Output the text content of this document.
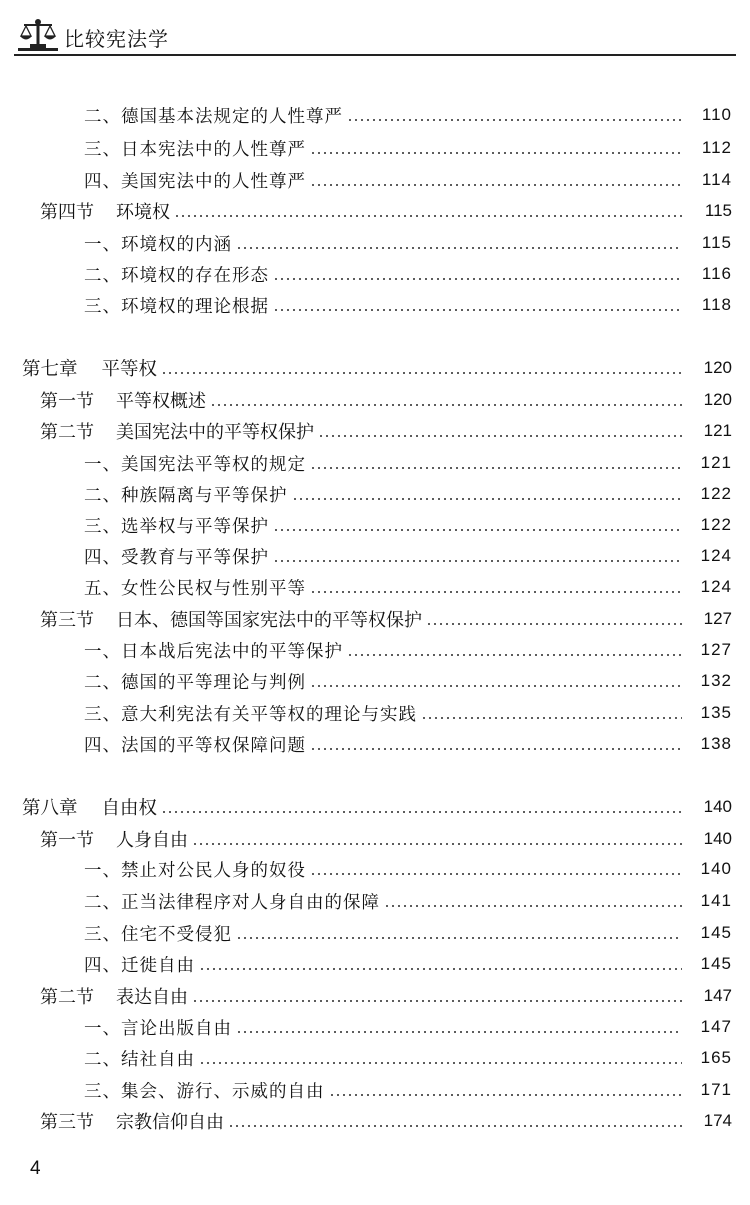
比较宪法学
二、德国基本法规定的人性尊严	110
三、日本宪法中的人性尊严	112
四、美国宪法中的人性尊严	114
第四节 环境权	115
一、环境权的内涵	115
二、环境权的存在形态	116
三、环境权的理论根据	118
第七章 平等权	120
第一节 平等权概述	120
第二节 美国宪法中的平等权保护	121
一、美国宪法平等权的规定	121
二、种族隔离与平等保护	122
三、选举权与平等保护	122
四、受教育与平等保护	124
五、女性公民权与性别平等	124
第三节 日本、德国等国家宪法中的平等权保护	127
一、日本战后宪法中的平等保护	127
二、德国的平等理论与判例	132
三、意大利宪法有关平等权的理论与实践	135
四、法国的平等权保障问题	138
第八章 自由权	140
第一节 人身自由	140
一、禁止对公民人身的奴役	140
二、正当法律程序对人身自由的保障	141
三、住宅不受侵犯	145
四、迁徙自由	145
第二节 表达自由	147
一、言论出版自由	147
二、结社自由	165
三、集会、游行、示威的自由	171
第三节 宗教信仰自由	174
4
